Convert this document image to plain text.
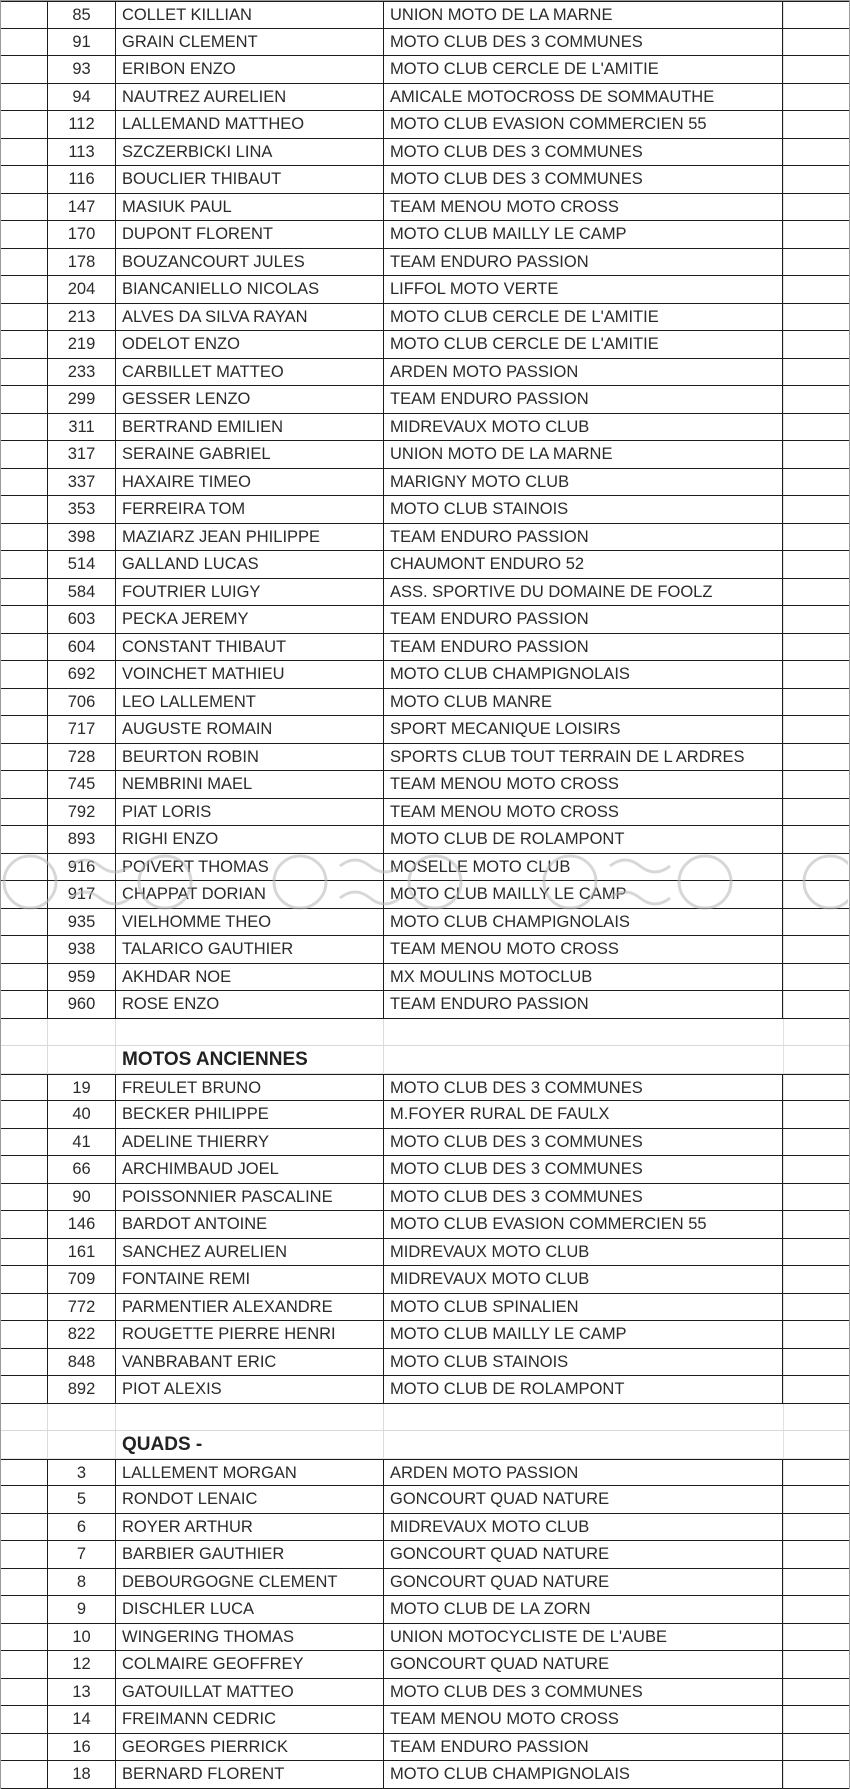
85	COLLET KILLIAN	UNION MOTO DE LA MARNE
91	GRAIN CLEMENT	MOTO CLUB DES 3 COMMUNES
93	ERIBON ENZO	MOTO CLUB CERCLE DE L'AMITIE
94	NAUTREZ AURELIEN	AMICALE MOTOCROSS DE SOMMAUTHE
112	LALLEMAND MATTHEO	MOTO CLUB EVASION COMMERCIEN 55
113	SZCZERBICKI LINA	MOTO CLUB DES 3 COMMUNES
116	BOUCLIER THIBAUT	MOTO CLUB DES 3 COMMUNES
147	MASIUK PAUL	TEAM MENOU MOTO CROSS
170	DUPONT FLORENT	MOTO CLUB MAILLY LE CAMP
178	BOUZANCOURT JULES	TEAM ENDURO PASSION
204	BIANCANIELLO NICOLAS	LIFFOL MOTO VERTE
213	ALVES DA SILVA RAYAN	MOTO CLUB CERCLE DE L'AMITIE
219	ODELOT ENZO	MOTO CLUB CERCLE DE L'AMITIE
233	CARBILLET MATTEO	ARDEN MOTO PASSION
299	GESSER LENZO	TEAM ENDURO PASSION
311	BERTRAND EMILIEN	MIDREVAUX MOTO CLUB
317	SERAINE GABRIEL	UNION MOTO DE LA MARNE
337	HAXAIRE TIMEO	MARIGNY MOTO CLUB
353	FERREIRA TOM	MOTO CLUB STAINOIS
398	MAZIARZ JEAN PHILIPPE	TEAM ENDURO PASSION
514	GALLAND LUCAS	CHAUMONT ENDURO 52
584	FOUTRIER LUIGY	ASS. SPORTIVE DU DOMAINE DE FOOLZ
603	PECKA JEREMY	TEAM ENDURO PASSION
604	CONSTANT THIBAUT	TEAM ENDURO PASSION
692	VOINCHET MATHIEU	MOTO CLUB CHAMPIGNOLAIS
706	LEO LALLEMENT	MOTO CLUB MANRE
717	AUGUSTE ROMAIN	SPORT MECANIQUE LOISIRS
728	BEURTON ROBIN	SPORTS CLUB TOUT TERRAIN DE L ARDRES
745	NEMBRINI MAEL	TEAM MENOU MOTO CROSS
792	PIAT LORIS	TEAM MENOU MOTO CROSS
893	RIGHI ENZO	MOTO CLUB DE ROLAMPONT
916	POIVERT THOMAS	MOSELLE MOTO CLUB
917	CHAPPAT DORIAN	MOTO CLUB MAILLY LE CAMP
935	VIELHOMME THEO	MOTO CLUB CHAMPIGNOLAIS
938	TALARICO GAUTHIER	TEAM MENOU MOTO CROSS
959	AKHDAR NOE	MX MOULINS MOTOCLUB
960	ROSE ENZO	TEAM ENDURO PASSION
MOTOS ANCIENNES
19	FREULET BRUNO	MOTO CLUB DES 3 COMMUNES
40	BECKER PHILIPPE	M.FOYER RURAL DE FAULX
41	ADELINE THIERRY	MOTO CLUB DES 3 COMMUNES
66	ARCHIMBAUD JOEL	MOTO CLUB DES 3 COMMUNES
90	POISSONNIER PASCALINE	MOTO CLUB DES 3 COMMUNES
146	BARDOT ANTOINE	MOTO CLUB EVASION COMMERCIEN 55
161	SANCHEZ AURELIEN	MIDREVAUX MOTO CLUB
709	FONTAINE REMI	MIDREVAUX MOTO CLUB
772	PARMENTIER ALEXANDRE	MOTO CLUB SPINALIEN
822	ROUGETTE PIERRE HENRI	MOTO CLUB MAILLY LE CAMP
848	VANBRABANT ERIC	MOTO CLUB STAINOIS
892	PIOT ALEXIS	MOTO CLUB DE ROLAMPONT
QUADS -
3	LALLEMENT MORGAN	ARDEN MOTO PASSION
5	RONDOT LENAIC	GONCOURT QUAD NATURE
6	ROYER ARTHUR	MIDREVAUX MOTO CLUB
7	BARBIER GAUTHIER	GONCOURT QUAD NATURE
8	DEBOURGOGNE CLEMENT	GONCOURT QUAD NATURE
9	DISCHLER LUCA	MOTO CLUB DE LA ZORN
10	WINGERING THOMAS	UNION MOTOCYCLISTE DE L'AUBE
12	COLMAIRE GEOFFREY	GONCOURT QUAD NATURE
13	GATOUILLAT MATTEO	MOTO CLUB DES 3 COMMUNES
14	FREIMANN CEDRIC	TEAM MENOU MOTO CROSS
16	GEORGES PIERRICK	TEAM ENDURO PASSION
18	BERNARD FLORENT	MOTO CLUB CHAMPIGNOLAIS
